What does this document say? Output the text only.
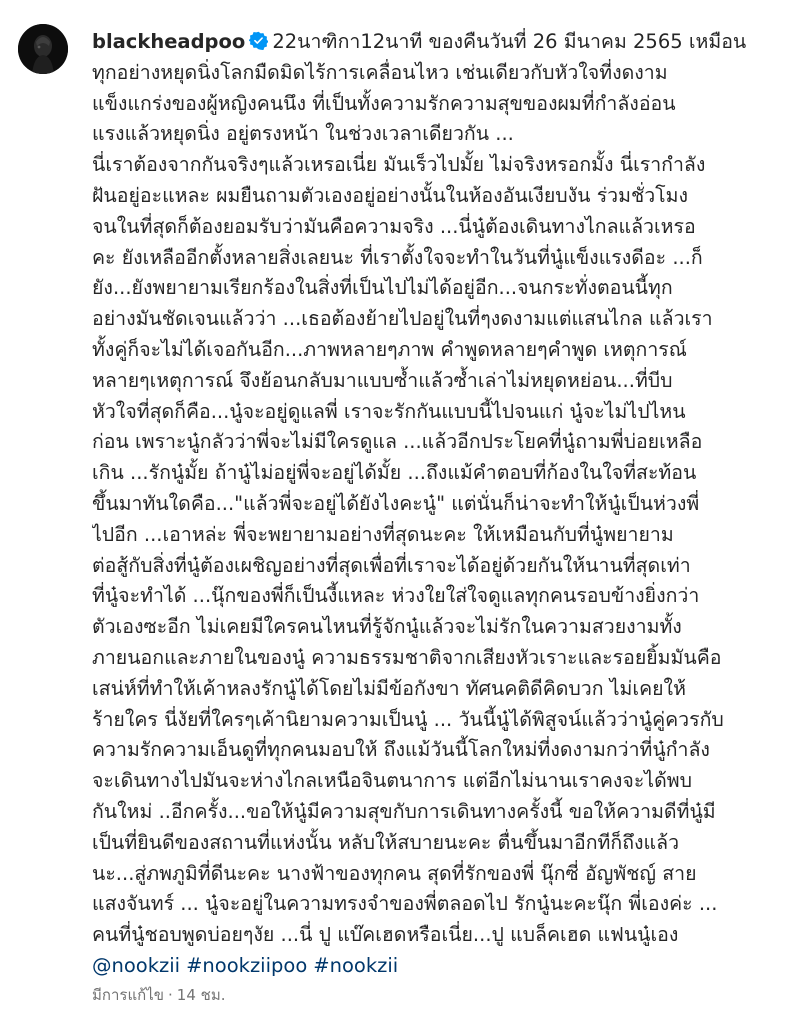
blackheadpoo 22นาฑิกา12นาที ของคืนวันที่ 26 มีนาคม 2565 เหมือน
ทุกอย่างหยุดนิ่งโลกมืดมิดไร้การเคลื่อนไหว เช่นเดียวกับหัวใจที่งดงาม
แข็งแกร่งของผู้หญิงคนนึง ที่เป็นทั้งความรักความสุขของผมที่กำลังอ่อน
แรงแล้วหยุดนิ่ง อยู่ตรงหน้า ในช่วงเวลาเดียวกัน ...
นี่เราต้องจากกันจริงๆแล้วเหรอเนี่ย มันเร็วไปมั้ย ไม่จริงหรอกมั้ง นี่เรากำลัง
ฝันอยู่อะแหละ ผมยืนถามตัวเองอยู่อย่างนั้นในห้องอันเงียบงัน ร่วมชั่วโมง
จนในที่สุดก็ต้องยอมรับว่ามันคือความจริง ...นี่นู๋ต้องเดินทางไกลแล้วเหรอ
คะ ยังเหลืออีกตั้งหลายสิ่งเลยนะ ที่เราตั้งใจจะทำในวันที่นู๋แข็งแรงดีอะ ...ก็
ยัง...ยังพยายามเรียกร้องในสิ่งที่เป็นไปไม่ได้อยู่อีก...จนกระทั่งตอนนี้ทุก
อย่างมันชัดเจนแล้วว่า ...เธอต้องย้ายไปอยู่ในที่ๆงดงามแต่แสนไกล แล้วเรา
ทั้งคู่ก็จะไม่ได้เจอกันอีก...ภาพหลายๆภาพ คำพูดหลายๆคำพูด เหตุการณ์
หลายๆเหตุการณ์ จึงย้อนกลับมาแบบซ้ำแล้วซ้ำเล่าไม่หยุดหย่อน...ที่บีบ
หัวใจที่สุดก็คือ...นู๋จะอยู่ดูแลพี่ เราจะรักกันแบบนี้ไปจนแก่ นู๋จะไม่ไปไหน
ก่อน เพราะนู๋กลัวว่าพี่จะไม่มีใครดูแล ...แล้วอีกประโยคที่นู๋ถามพี่บ่อยเหลือ
เกิน ...รักนู๋มั้ย ถ้านู๋ไม่อยู่พี่จะอยู่ได้มั้ย ...ถึงแม้คำตอบที่ก้องในใจที่สะท้อน
ขึ้นมาทันใดคือ..."แล้วพี่จะอยู่ได้ยังไงคะนู๋" แต่นั่นก็น่าจะทำให้นู๋เป็นห่วงพี่
ไปอีก ...เอาหล่ะ พี่จะพยายามอย่างที่สุดนะคะ ให้เหมือนกับที่นู๋พยายาม
ต่อสู้กับสิ่งที่นู๋ต้องเผชิญอย่างที่สุดเพื่อที่เราจะได้อยู่ด้วยกันให้นานที่สุดเท่า
ที่นู๋จะทำได้ ...นุ๊กของพี่ก็เป็นงี้แหละ ห่วงใยใส่ใจดูแลทุกคนรอบข้างยิ่งกว่า
ตัวเองซะอีก ไม่เคยมีใครคนไหนที่รู้จักนู๋แล้วจะไม่รักในความสวยงามทั้ง
ภายนอกและภายในของนู๋ ความธรรมชาติจากเสียงหัวเราะและรอยยิ้มมันคือ
เสน่ห์ที่ทำให้เค้าหลงรักนู๋ได้โดยไม่มีข้อกังขา ทัศนคติดีคิดบวก ไม่เคยให้
ร้ายใคร นี่งัยที่ใครๆเค้านิยามความเป็นนู๋ ... วันนี้นู๋ได้พิสูจน์แล้วว่านู๋คู่ควรกับ
ความรักความเอ็นดูที่ทุกคนมอบให้ ถึงแม้วันนี้โลกใหม่ที่งดงามกว่าที่นู๋กำลัง
จะเดินทางไปมันจะห่างไกลเหนือจินตนาการ แต่อีกไม่นานเราคงจะได้พบ
กันใหม่ ..อีกครั้ง...ขอให้นู๋มีความสุขกับการเดินทางครั้งนี้ ขอให้ความดีที่นู๋มี
เป็นที่ยินดีของสถานที่แห่งนั้น หลับให้สบายนะคะ ตื่นขึ้นมาอีกทีก็ถึงแล้ว
นะ...สู่ภพภูมิที่ดีนะคะ นางฟ้าของทุกคน สุดที่รักของพี่ นุ๊กซี่ อัญพัชญ์ สาย
แสงจันทร์ ... นู๋จะอยู่ในความทรงจำของพี่ตลอดไป รักนู๋นะคะนุ๊ก พี่เองค่ะ ...
คนที่นู๋ชอบพูดบ่อยๆงัย ...นี่ ปู แบ๊คเฮดหรือเนี่ย...ปู แบล็คเฮด แฟนนู๋เอง
@nookzii #nookziipoo #nookzii
มีการแก้ไข · 14 ชม.
